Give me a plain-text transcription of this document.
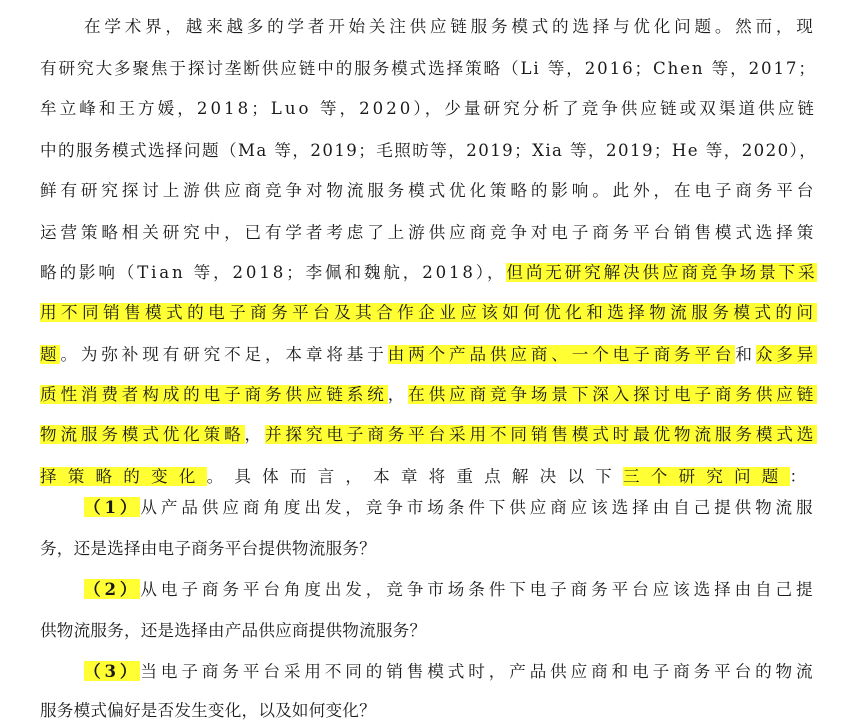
在学术界，越来越多的学者开始关注供应链服务模式的选择与优化问题。然而，现
有研究大多聚焦于探讨垄断供应链中的服务模式选择策略（Li 等，2016；Chen 等，2017；
牟立峰和王方媛，2018；Luo 等，2020），少量研究分析了竞争供应链或双渠道供应链
中的服务模式选择问题（Ma 等，2019；毛照昉等，2019；Xia 等，2019；He 等，2020），
鲜有研究探讨上游供应商竞争对物流服务模式优化策略的影响。此外，在电子商务平台
运营策略相关研究中，已有学者考虑了上游供应商竞争对电子商务平台销售模式选择策
略的影响（Tian 等，2018；李佩和魏航，2018），但尚无研究解决供应商竞争场景下采
用不同销售模式的电子商务平台及其合作企业应该如何优化和选择物流服务模式的问
题。为弥补现有研究不足，本章将基于由两个产品供应商、一个电子商务平台和众多异
质性消费者构成的电子商务供应链系统，在供应商竞争场景下深入探讨电子商务供应链
物流服务模式优化策略，并探究电子商务平台采用不同销售模式时最优物流服务模式选
择策略的变化。具体而言，本章将重点解决以下三个研究问题：
（1）从产品供应商角度出发，竞争市场条件下供应商应该选择由自己提供物流服
务，还是选择由电子商务平台提供物流服务？
（2）从电子商务平台角度出发，竞争市场条件下电子商务平台应该选择由自己提
供物流服务，还是选择由产品供应商提供物流服务？
（3）当电子商务平台采用不同的销售模式时，产品供应商和电子商务平台的物流
服务模式偏好是否发生变化，以及如何变化？
